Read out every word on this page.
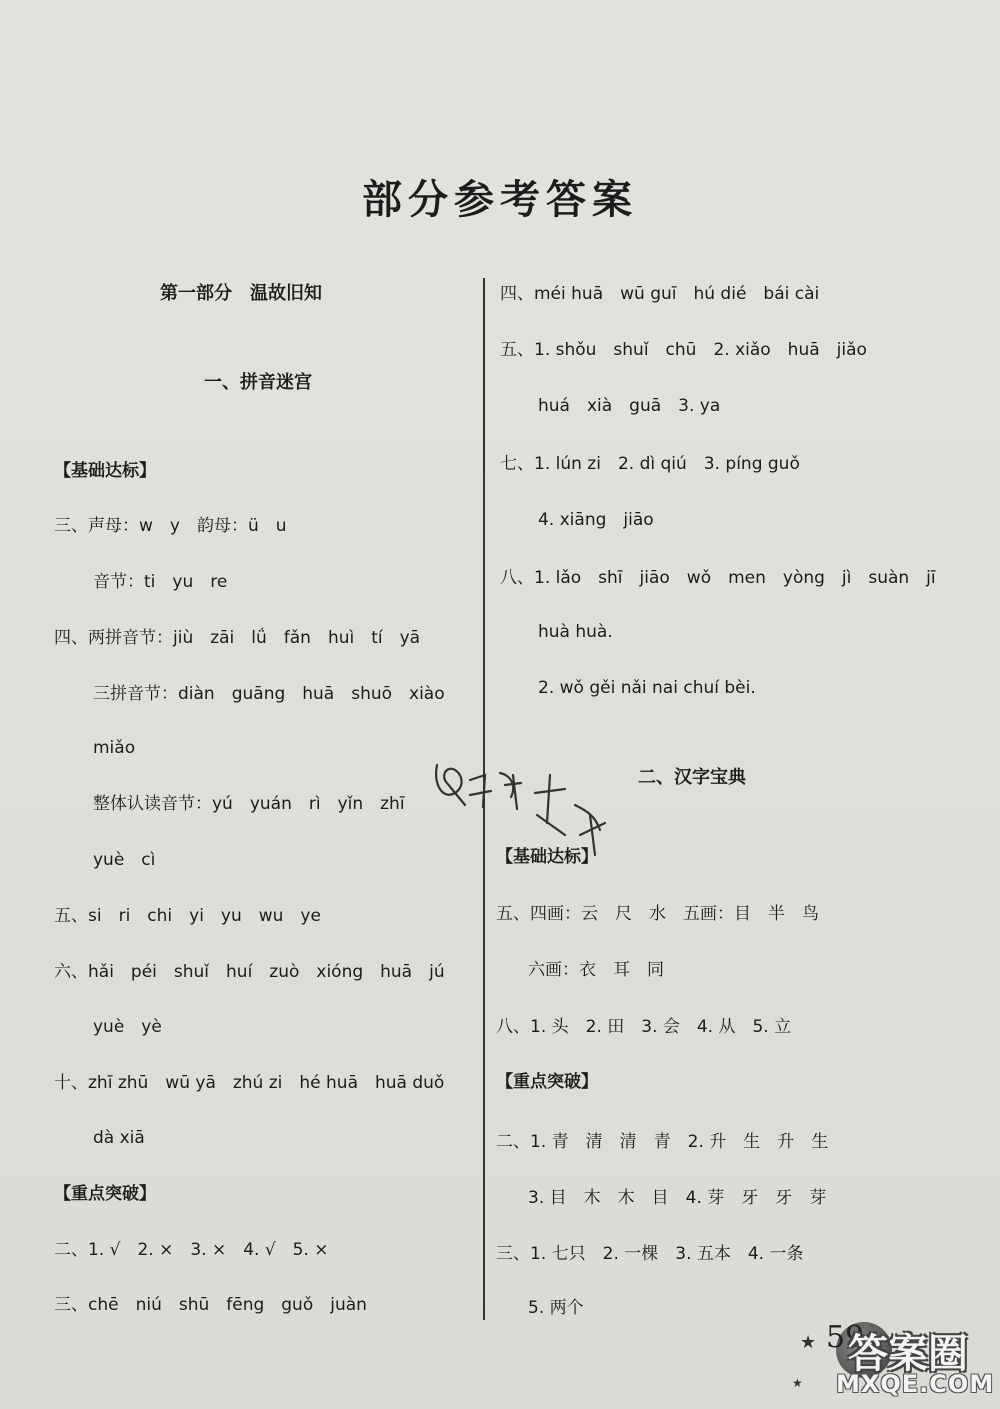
部分参考答案
第一部分　温故旧知
一、拼音迷宫
【基础达标】
三、声母：w　y　韵母：ü　u
音节：ti　yu　re
四、两拼音节：jiù　zāi　lǘ　fǎn　huì　tí　yā
三拼音节：diàn　guāng　huā　shuō　xiào
miǎo
整体认读音节：yú　yuán　rì　yǐn　zhī
yuè　cì
五、si　ri　chi　yi　yu　wu　ye
六、hǎi　péi　shuǐ　huí　zuò　xióng　huā　jú
yuè　yè
十、zhī zhū　wū yā　zhú zi　hé huā　huā duǒ
dà xiā
【重点突破】
二、1. √　2. ×　3. ×　4. √　5. ×
三、chē　niú　shū　fēng　guǒ　juàn
四、méi huā　wū guī　hú dié　bái cài
五、1. shǒu　shuǐ　chū　2. xiǎo　huā　jiǎo
huá　xià　guā　3. ya
七、1. lún zi　2. dì qiú　3. píng guǒ
4. xiāng　jiāo
八、1. lǎo　shī　jiāo　wǒ　men　yòng　jì　suàn　jī
huà huà.
2. wǒ gěi nǎi nai chuí bèi.
二、汉字宝典
【基础达标】
五、四画：云　尺　水　五画：目　半　鸟
六画：衣　耳　同
八、1. 头　2. 田　3. 会　4. 从　5. 立
【重点突破】
二、1. 青　清　清　青　2. 升　生　升　生
3. 目　木　木　目　4. 芽　牙　牙　芽
三、1. 七只　2. 一棵　3. 五本　4. 一条
5. 两个
★
★
59
答案圈
MXQE.COM
